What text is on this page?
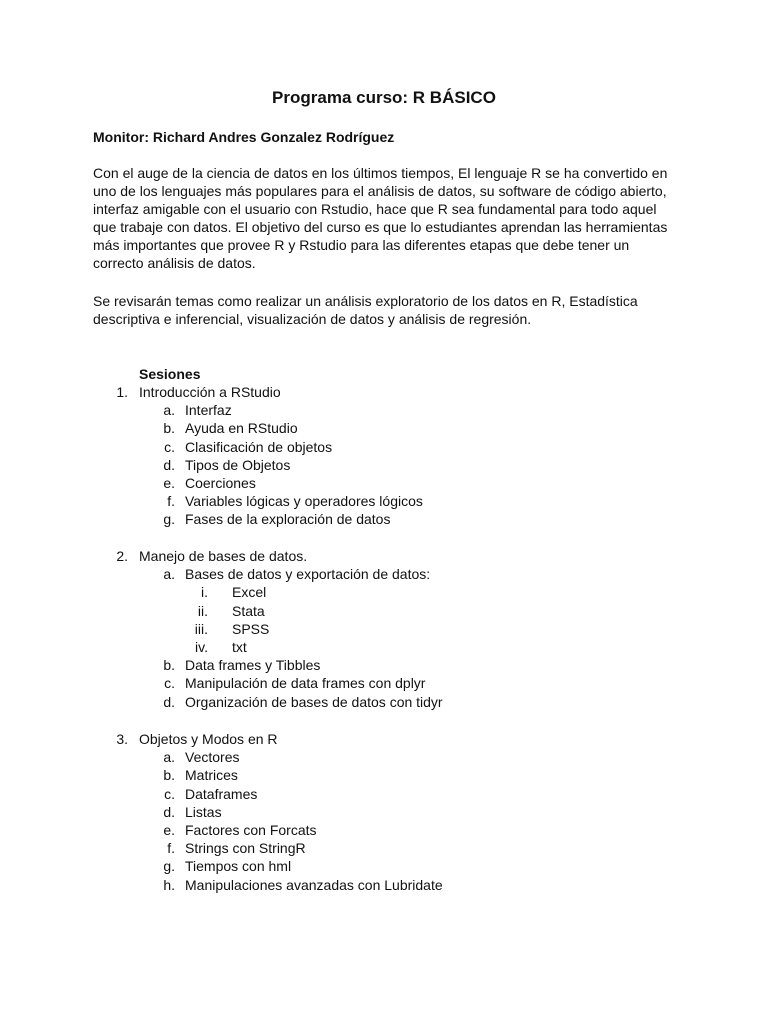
Programa curso: R BÁSICO
Monitor: Richard Andres Gonzalez Rodríguez

Con el auge de la ciencia de datos en los últimos tiempos, El lenguaje R se ha convertido en
uno de los lenguajes más populares para el análisis de datos, su software de código abierto,
interfaz amigable con el usuario con Rstudio, hace que R sea fundamental para todo aquel
que trabaje con datos. El objetivo del curso es que lo estudiantes aprendan las herramientas
más importantes que provee R y Rstudio para las diferentes etapas que debe tener un
correcto análisis de datos.

Se revisarán temas como realizar un análisis exploratorio de los datos en R, Estadística
descriptiva e inferencial, visualización de datos y análisis de regresión.

Sesiones
1. Introducción a RStudio
a. Interfaz
b. Ayuda en RStudio
c. Clasificación de objetos
d. Tipos de Objetos
e. Coerciones
f. Variables lógicas y operadores lógicos
g. Fases de la exploración de datos
2. Manejo de bases de datos.
a. Bases de datos y exportación de datos:
i. Excel
ii. Stata
iii. SPSS
iv. txt
b. Data frames y Tibbles
c. Manipulación de data frames con dplyr
d. Organización de bases de datos con tidyr
3. Objetos y Modos en R
a. Vectores
b. Matrices
c. Dataframes
d. Listas
e. Factores con Forcats
f. Strings con StringR
g. Tiempos con hml
h. Manipulaciones avanzadas con Lubridate
